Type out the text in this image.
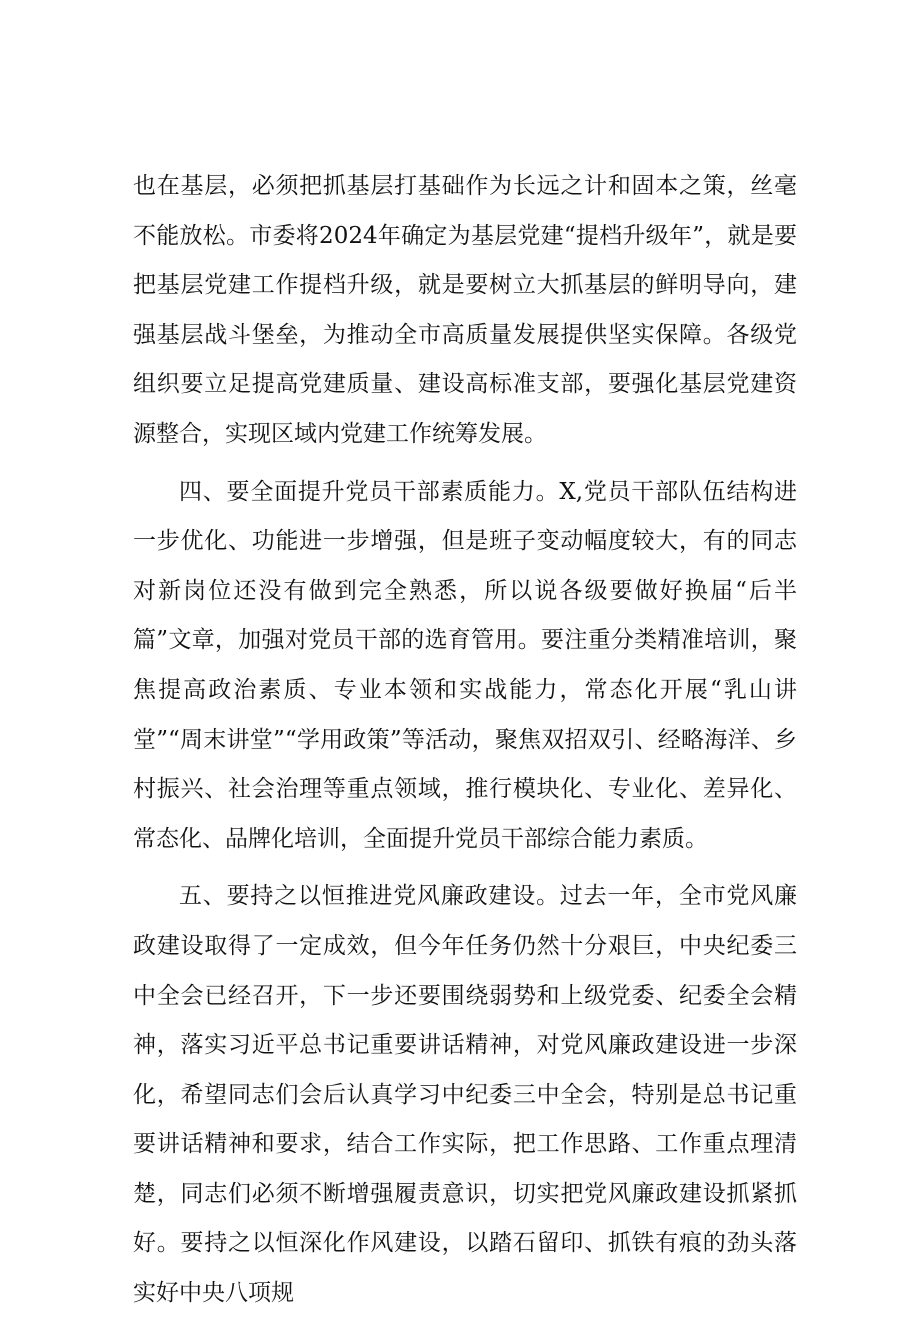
也在基层，必须把抓基层打基础作为长远之计和固本之策，丝毫不能放松。市委将2024年确定为基层党建“提档升级年”，就是要把基层党建工作提档升级，就是要树立大抓基层的鲜明导向，建强基层战斗堡垒，为推动全市高质量发展提供坚实保障。各级党组织要立足提高党建质量、建设高标准支部，要强化基层党建资源整合，实现区域内党建工作统筹发展。

四、要全面提升党员干部素质能力。X,党员干部队伍结构进一步优化、功能进一步增强，但是班子变动幅度较大，有的同志对新岗位还没有做到完全熟悉，所以说各级要做好换届“后半篇”文章，加强对党员干部的选育管用。要注重分类精准培训，聚焦提高政治素质、专业本领和实战能力，常态化开展“乳山讲堂”“周末讲堂”“学用政策”等活动，聚焦双招双引、经略海洋、乡村振兴、社会治理等重点领域，推行模块化、专业化、差异化、常态化、品牌化培训，全面提升党员干部综合能力素质。

五、要持之以恒推进党风廉政建设。过去一年，全市党风廉政建设取得了一定成效，但今年任务仍然十分艰巨，中央纪委三中全会已经召开，下一步还要围绕弱势和上级党委、纪委全会精神，落实习近平总书记重要讲话精神，对党风廉政建设进一步深化，希望同志们会后认真学习中纪委三中全会，特别是总书记重要讲话精神和要求，结合工作实际，把工作思路、工作重点理清楚，同志们必须不断增强履责意识，切实把党风廉政建设抓紧抓好。要持之以恒深化作风建设，以踏石留印、抓铁有痕的劲头落实好中央八项规
